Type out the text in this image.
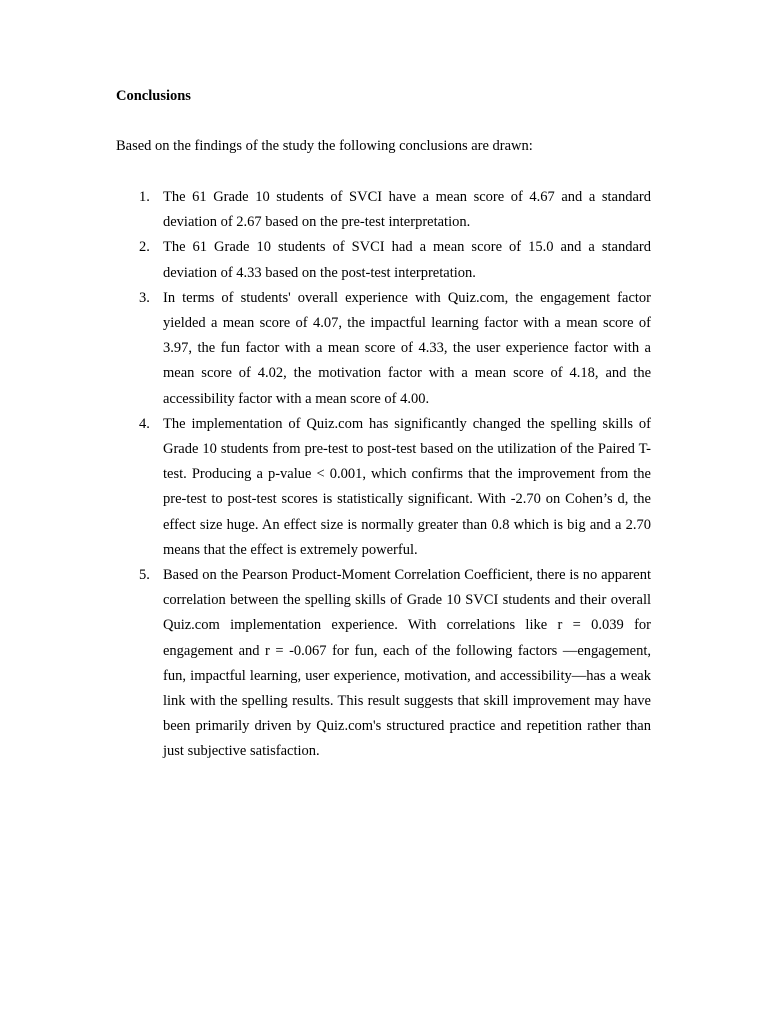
Conclusions

Based on the findings of the study the following conclusions are drawn:

1. The 61 Grade 10 students of SVCI have a mean score of 4.67 and a standard deviation of 2.67 based on the pre-test interpretation.
2. The 61 Grade 10 students of SVCI had a mean score of 15.0 and a standard deviation of 4.33 based on the post-test interpretation.
3. In terms of students' overall experience with Quiz.com, the engagement factor yielded a mean score of 4.07, the impactful learning factor with a mean score of 3.97, the fun factor with a mean score of 4.33, the user experience factor with a mean score of 4.02, the motivation factor with a mean score of 4.18, and the accessibility factor with a mean score of 4.00.
4. The implementation of Quiz.com has significantly changed the spelling skills of Grade 10 students from pre-test to post-test based on the utilization of the Paired T-test. Producing a p-value < 0.001, which confirms that the improvement from the pre-test to post-test scores is statistically significant. With -2.70 on Cohen’s d, the effect size huge. An effect size is normally greater than 0.8 which is big and a 2.70 means that the effect is extremely powerful.
5. Based on the Pearson Product-Moment Correlation Coefficient, there is no apparent correlation between the spelling skills of Grade 10 SVCI students and their overall Quiz.com implementation experience. With correlations like r = 0.039 for engagement and r = -0.067 for fun, each of the following factors —engagement, fun, impactful learning, user experience, motivation, and accessibility—has a weak link with the spelling results. This result suggests that skill improvement may have been primarily driven by Quiz.com's structured practice and repetition rather than just subjective satisfaction.
